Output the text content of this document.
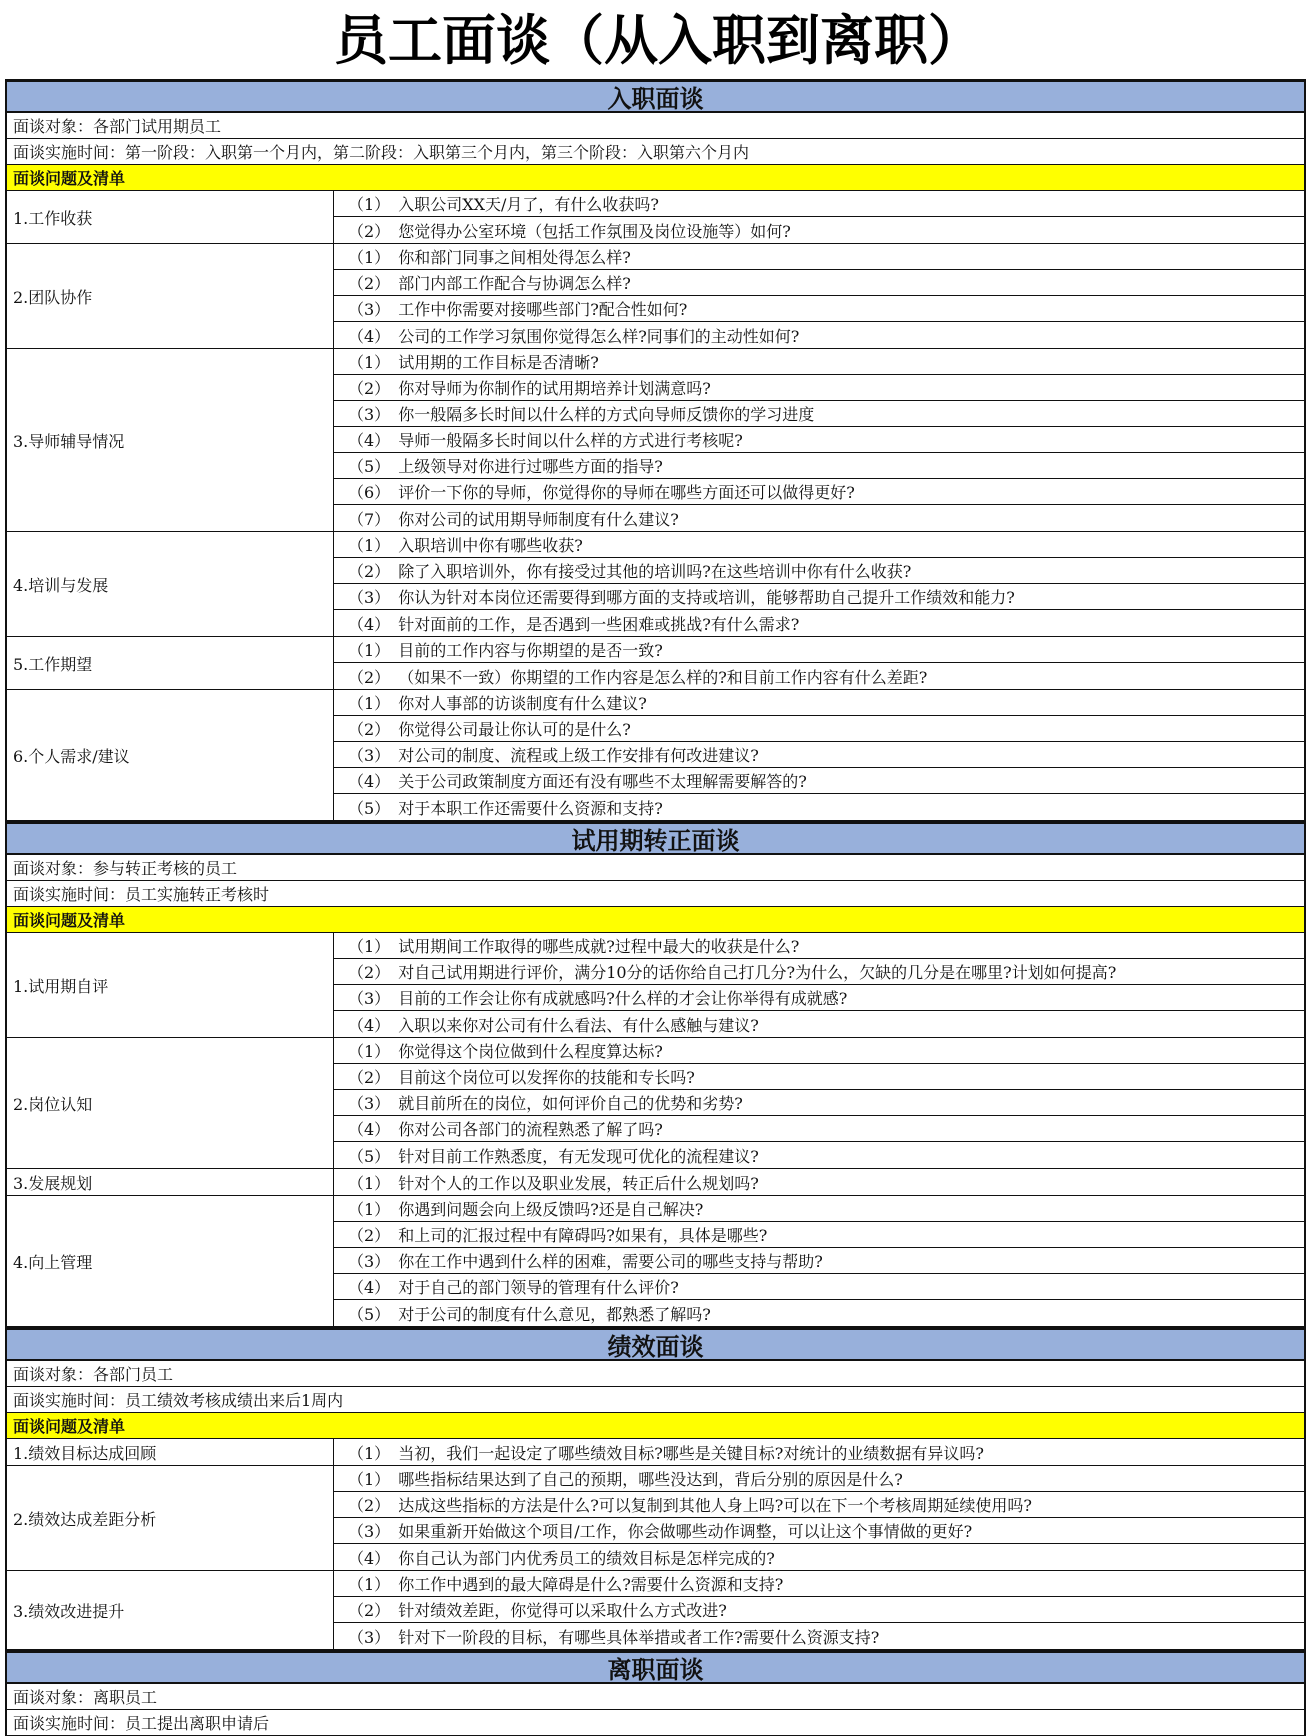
员工面谈（从入职到离职）
入职面谈
面谈对象：各部门试用期员工
面谈实施时间：第一阶段：入职第一个月内，第二阶段：入职第三个月内，第三个阶段：入职第六个月内
面谈问题及清单
1.工作收获
（1） 入职公司XX天/月了，有什么收获吗?
（2） 您觉得办公室环境（包括工作氛围及岗位设施等）如何?
2.团队协作
（1） 你和部门同事之间相处得怎么样?
（2） 部门内部工作配合与协调怎么样?
（3） 工作中你需要对接哪些部门?配合性如何?
（4） 公司的工作学习氛围你觉得怎么样?同事们的主动性如何?
3.导师辅导情况
（1） 试用期的工作目标是否清晰?
（2） 你对导师为你制作的试用期培养计划满意吗?
（3） 你一般隔多长时间以什么样的方式向导师反馈你的学习进度
（4） 导师一般隔多长时间以什么样的方式进行考核呢?
（5） 上级领导对你进行过哪些方面的指导?
（6） 评价一下你的导师，你觉得你的导师在哪些方面还可以做得更好?
（7） 你对公司的试用期导师制度有什么建议?
4.培训与发展
（1） 入职培训中你有哪些收获?
（2） 除了入职培训外，你有接受过其他的培训吗?在这些培训中你有什么收获?
（3） 你认为针对本岗位还需要得到哪方面的支持或培训，能够帮助自己提升工作绩效和能力?
（4） 针对面前的工作，是否遇到一些困难或挑战?有什么需求?
5.工作期望
（1） 目前的工作内容与你期望的是否一致?
（2） （如果不一致）你期望的工作内容是怎么样的?和目前工作内容有什么差距?
6.个人需求/建议
（1） 你对人事部的访谈制度有什么建议?
（2） 你觉得公司最让你认可的是什么?
（3） 对公司的制度、流程或上级工作安排有何改进建议?
（4） 关于公司政策制度方面还有没有哪些不太理解需要解答的?
（5） 对于本职工作还需要什么资源和支持?
试用期转正面谈
面谈对象：参与转正考核的员工
面谈实施时间：员工实施转正考核时
面谈问题及清单
1.试用期自评
（1） 试用期间工作取得的哪些成就?过程中最大的收获是什么?
（2） 对自己试用期进行评价，满分10分的话你给自己打几分?为什么，欠缺的几分是在哪里?计划如何提高?
（3） 目前的工作会让你有成就感吗?什么样的才会让你举得有成就感?
（4） 入职以来你对公司有什么看法、有什么感触与建议?
2.岗位认知
（1） 你觉得这个岗位做到什么程度算达标?
（2） 目前这个岗位可以发挥你的技能和专长吗?
（3） 就目前所在的岗位，如何评价自己的优势和劣势?
（4） 你对公司各部门的流程熟悉了解了吗?
（5） 针对目前工作熟悉度，有无发现可优化的流程建议?
3.发展规划	（1） 针对个人的工作以及职业发展，转正后什么规划吗?
4.向上管理
（1） 你遇到问题会向上级反馈吗?还是自己解决?
（2） 和上司的汇报过程中有障碍吗?如果有，具体是哪些?
（3） 你在工作中遇到什么样的困难，需要公司的哪些支持与帮助?
（4） 对于自己的部门领导的管理有什么评价?
（5） 对于公司的制度有什么意见，都熟悉了解吗?
绩效面谈
面谈对象：各部门员工
面谈实施时间：员工绩效考核成绩出来后1周内
面谈问题及清单
1.绩效目标达成回顾	（1） 当初，我们一起设定了哪些绩效目标?哪些是关键目标?对统计的业绩数据有异议吗?
2.绩效达成差距分析
（1） 哪些指标结果达到了自己的预期，哪些没达到，背后分别的原因是什么?
（2） 达成这些指标的方法是什么?可以复制到其他人身上吗?可以在下一个考核周期延续使用吗?
（3） 如果重新开始做这个项目/工作，你会做哪些动作调整，可以让这个事情做的更好?
（4） 你自己认为部门内优秀员工的绩效目标是怎样完成的?
3.绩效改进提升
（1） 你工作中遇到的最大障碍是什么?需要什么资源和支持?
（2） 针对绩效差距，你觉得可以采取什么方式改进?
（3） 针对下一阶段的目标，有哪些具体举措或者工作?需要什么资源支持?
离职面谈
面谈对象：离职员工
面谈实施时间：员工提出离职申请后
